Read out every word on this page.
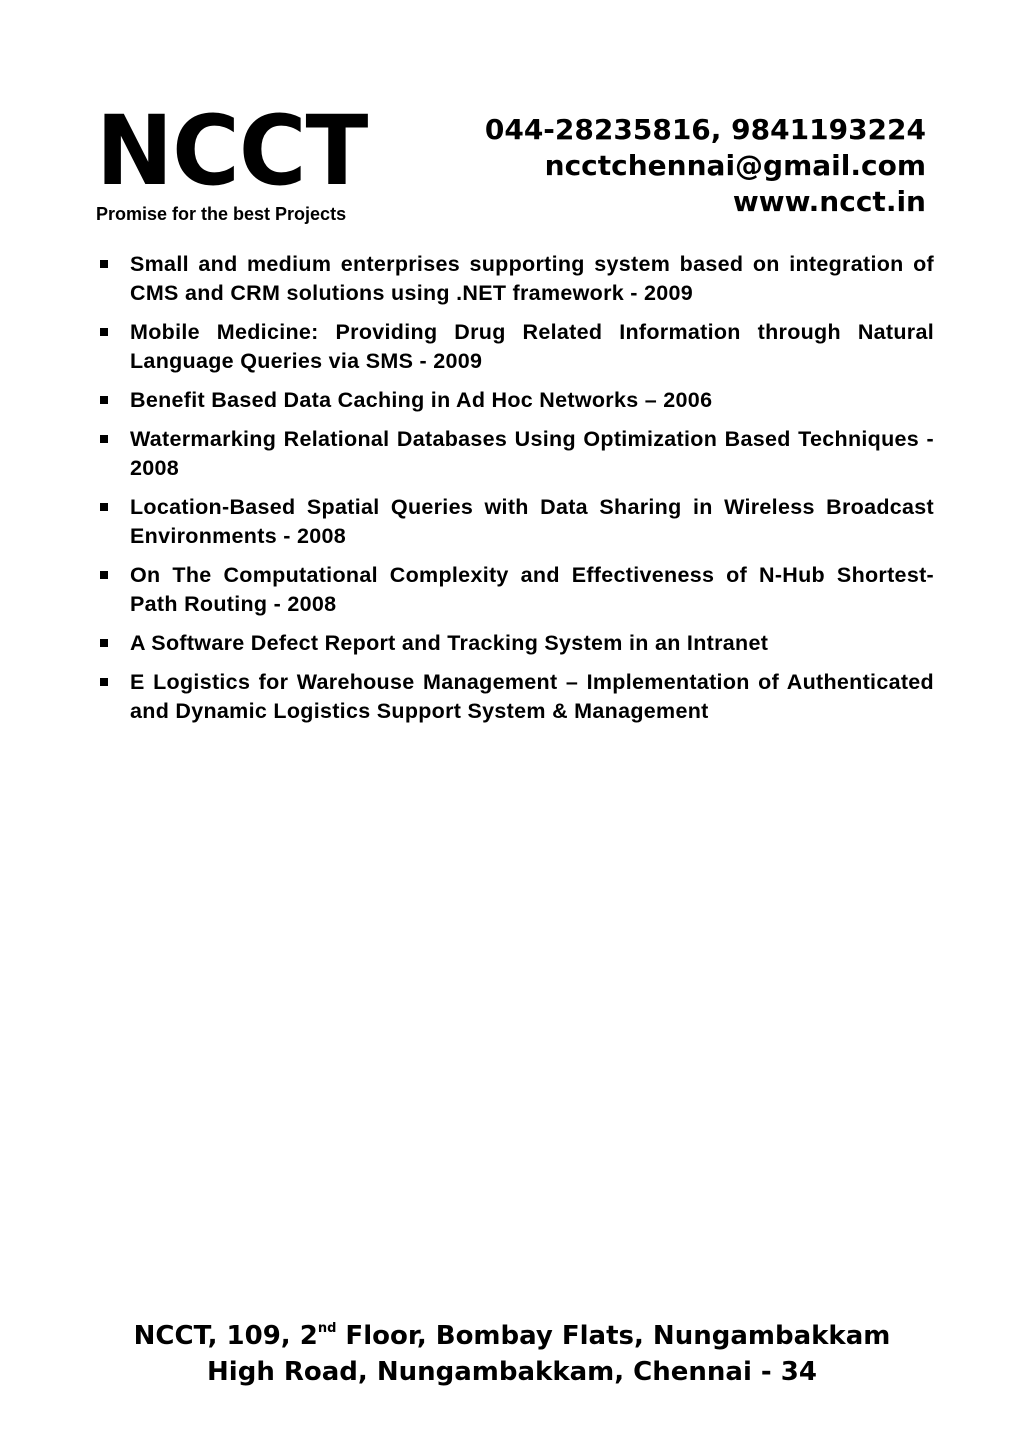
NCCT
Promise for the best Projects
044-28235816, 9841193224
ncctchennai@gmail.com
www.ncct.in
Small and medium enterprises supporting system based on integration of CMS and CRM solutions using .NET framework - 2009
Mobile Medicine: Providing Drug Related Information through Natural Language Queries via SMS - 2009
Benefit Based Data Caching in Ad Hoc Networks – 2006
Watermarking Relational Databases Using Optimization Based Techniques - 2008
Location-Based Spatial Queries with Data Sharing in Wireless Broadcast Environments - 2008
On The Computational Complexity and Effectiveness of N-Hub Shortest-Path Routing - 2008
A Software Defect Report and Tracking System in an Intranet
E Logistics for Warehouse Management – Implementation of Authenticated and Dynamic Logistics Support System & Management
NCCT, 109, 2nd Floor, Bombay Flats, Nungambakkam
High Road, Nungambakkam, Chennai - 34
